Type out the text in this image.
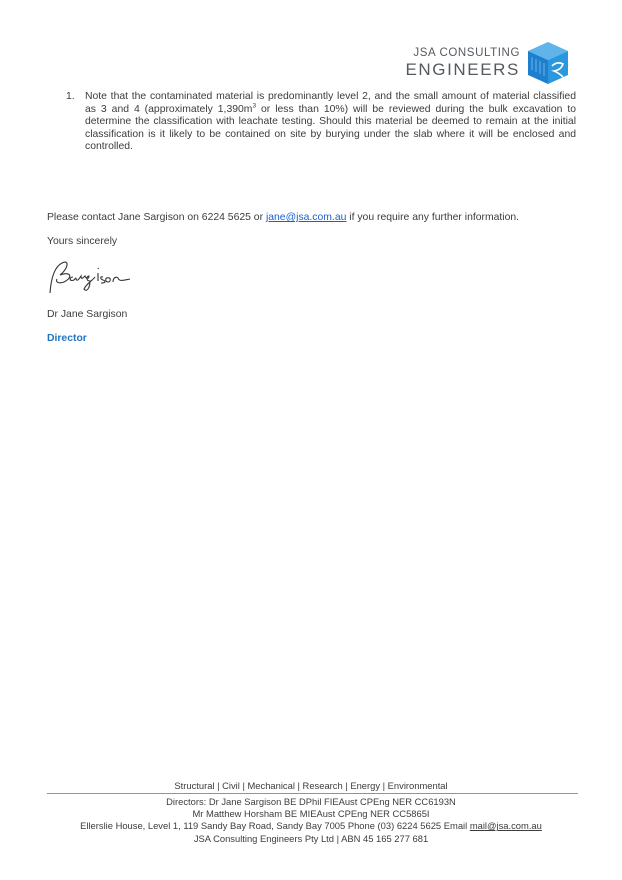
JSA CONSULTING
ENGINEERS
1. Note that the contaminated material is predominantly level 2, and the small amount of material classified as 3 and 4 (approximately $1,390m^3$ or less than 10%) will be reviewed during the bulk excavation to determine the classification with leachate testing. Should this material be deemed to remain at the initial classification is it likely to be contained on site by burying under the slab where it will be enclosed and controlled.
Please contact Jane Sargison on 6224 5625 or jane@jsa.com.au if you require any further information.
Yours sincerely
Dr Jane Sargison
Director
Structural | Civil | Mechanical | Research | Energy | Environmental
Directors: Dr Jane Sargison BE DPhil FIEAust CPEng NER CC6193N
Mr Matthew Horsham BE MIEAust CPEng NER CC5865I
Ellerslie House, Level 1, 119 Sandy Bay Road, Sandy Bay 7005 Phone (03) 6224 5625 Email mail@jsa.com.au
JSA Consulting Engineers Pty Ltd | ABN 45 165 277 681
